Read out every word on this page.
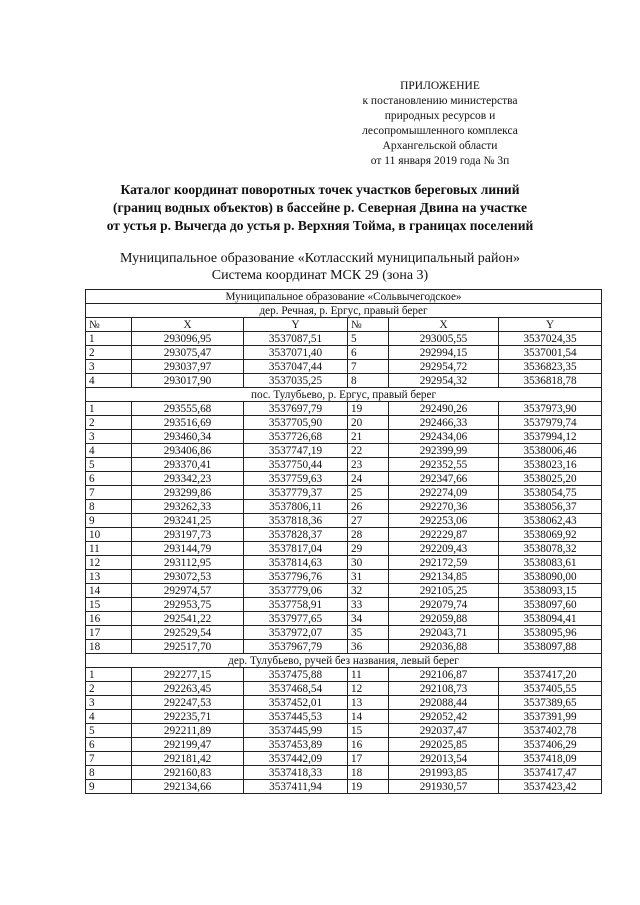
ПРИЛОЖЕНИЕ
к постановлению министерства
природных ресурсов и
лесопромышленного комплекса
Архангельской области
от 11 января 2019 года № 3п
Каталог координат поворотных точек участков береговых линий
(границ водных объектов) в бассейне р. Северная Двина на участке
от устья р. Вычегда до устья р. Верхняя Тойма, в границах поселений
Муниципальное образование «Котласский муниципальный район»
Система координат МСК 29 (зона 3)
Муниципальное образование «Сольвычегодское»					
дер. Речная, р. Ергус, правый берег					
№	X	Y	№	X	Y
1	293096,95	3537087,51	5	293005,55	3537024,35
2	293075,47	3537071,40	6	292994,15	3537001,54
3	293037,97	3537047,44	7	292954,72	3536823,35
4	293017,90	3537035,25	8	292954,32	3536818,78
пос. Тулубьево, р. Ергус, правый берег					
1	293555,68	3537697,79	19	292490,26	3537973,90
2	293516,69	3537705,90	20	292466,33	3537979,74
3	293460,34	3537726,68	21	292434,06	3537994,12
4	293406,86	3537747,19	22	292399,99	3538006,46
5	293370,41	3537750,44	23	292352,55	3538023,16
6	293342,23	3537759,63	24	292347,66	3538025,20
7	293299,86	3537779,37	25	292274,09	3538054,75
8	293262,33	3537806,11	26	292270,36	3538056,37
9	293241,25	3537818,36	27	292253,06	3538062,43
10	293197,73	3537828,37	28	292229,87	3538069,92
11	293144,79	3537817,04	29	292209,43	3538078,32
12	293112,95	3537814,63	30	292172,59	3538083,61
13	293072,53	3537796,76	31	292134,85	3538090,00
14	292974,57	3537779,06	32	292105,25	3538093,15
15	292953,75	3537758,91	33	292079,74	3538097,60
16	292541,22	3537977,65	34	292059,88	3538094,41
17	292529,54	3537972,07	35	292043,71	3538095,96
18	292517,70	3537967,79	36	292036,88	3538097,88
дер. Тулубьево, ручей без названия, левый берег					
1	292277,15	3537475,88	11	292106,87	3537417,20
2	292263,45	3537468,54	12	292108,73	3537405,55
3	292247,53	3537452,01	13	292088,44	3537389,65
4	292235,71	3537445,53	14	292052,42	3537391,99
5	292211,89	3537445,99	15	292037,47	3537402,78
6	292199,47	3537453,89	16	292025,85	3537406,29
7	292181,42	3537442,09	17	292013,54	3537418,09
8	292160,83	3537418,33	18	291993,85	3537417,47
9	292134,66	3537411,94	19	291930,57	3537423,42
